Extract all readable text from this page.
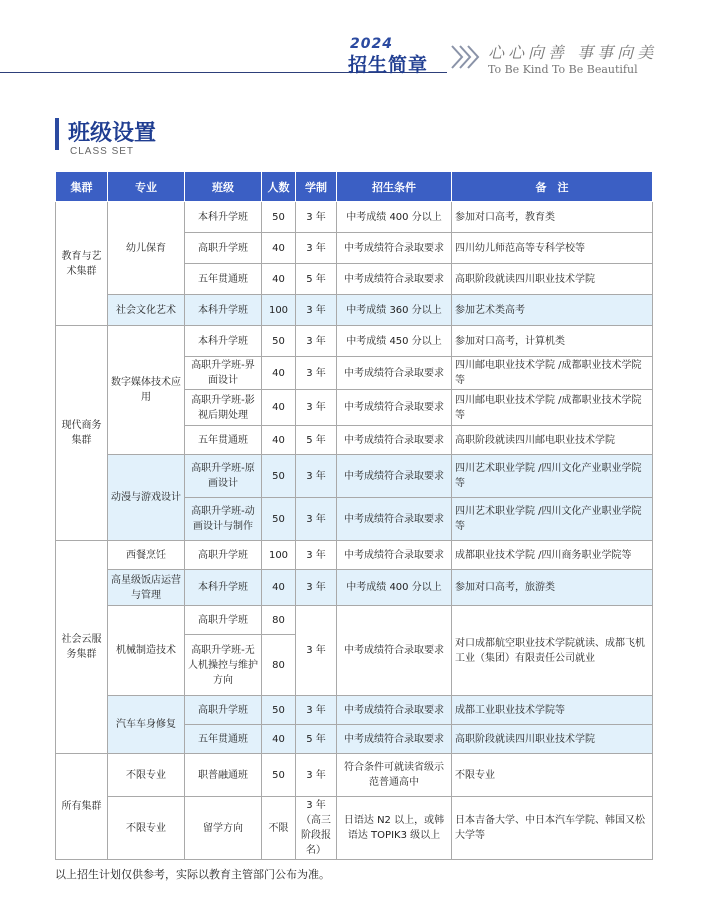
2024
招生简章
心心向善 事事向美
To Be Kind To Be Beautiful
班级设置
CLASS SET
集群	专业	班级	人数	学制	招生条件	备　注
教育与艺术集群	幼儿保育	本科升学班	50	3 年	中考成绩 400 分以上	参加对口高考，教育类
		高职升学班	40	3 年	中考成绩符合录取要求	四川幼儿师范高等专科学校等
		五年贯通班	40	5 年	中考成绩符合录取要求	高职阶段就读四川职业技术学院
	社会文化艺术	本科升学班	100	3 年	中考成绩 360 分以上	参加艺术类高考
现代商务集群	数字媒体技术应用	本科升学班	50	3 年	中考成绩 450 分以上	参加对口高考，计算机类
		高职升学班-界面设计	40	3 年	中考成绩符合录取要求	四川邮电职业技术学院 /成都职业技术学院等
		高职升学班-影视后期处理	40	3 年	中考成绩符合录取要求	四川邮电职业技术学院 /成都职业技术学院等
		五年贯通班	40	5 年	中考成绩符合录取要求	高职阶段就读四川邮电职业技术学院
	动漫与游戏设计	高职升学班-原画设计	50	3 年	中考成绩符合录取要求	四川艺术职业学院 /四川文化产业职业学院等
		高职升学班-动画设计与制作	50	3 年	中考成绩符合录取要求	四川艺术职业学院 /四川文化产业职业学院等
社会云服务集群	西餐烹饪	高职升学班	100	3 年	中考成绩符合录取要求	成都职业技术学院 /四川商务职业学院等
	高星级饭店运营与管理	本科升学班	40	3 年	中考成绩 400 分以上	参加对口高考，旅游类
	机械制造技术	高职升学班	80	3 年	中考成绩符合录取要求	对口成都航空职业技术学院就读、成都飞机工业（集团）有限责任公司就业
		高职升学班-无人机操控与维护方向	80			
	汽车车身修复	高职升学班	50	3 年	中考成绩符合录取要求	成都工业职业技术学院等
		五年贯通班	40	5 年	中考成绩符合录取要求	高职阶段就读四川职业技术学院
所有集群	不限专业	职普融通班	50	3 年	符合条件可就读省级示范普通高中	不限专业
	不限专业	留学方向	不限	3 年（高三阶段报名）	日语达 N2 以上，或韩语达 TOPIK3 级以上	日本吉备大学、中日本汽车学院、韩国又松大学等
以上招生计划仅供参考，实际以教育主管部门公布为准。
